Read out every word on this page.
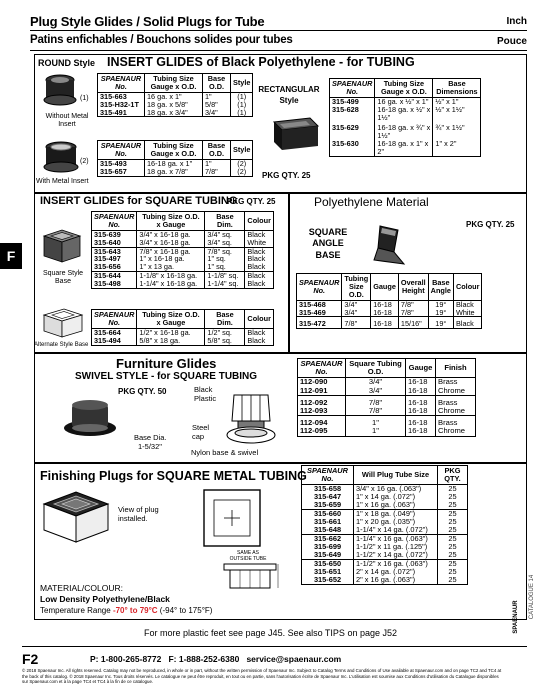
Plug Style Glides / Solid Plugs for Tube
Patins enfichables / Bouchons solides pour tubes
Inch
Pouce
F
ROUND Style INSERT GLIDES of Black Polyethylene - for TUBING
(1)
Without Metal Insert
(2)
With Metal Insert
SPAENAUR No.	Tubing Size Gauge x O.D.	Base O.D.	Style
315-663	16 ga. x 1"	1"	(1)
315-H32-1T	18 ga. x 5/8"	5/8"	(1)
315-491	18 ga. x 3/4"	3/4"	(1)
SPAENAUR No.	Tubing Size Gauge x O.D.	Base O.D.	Style
315-493	16-18 ga. x 1"	1"	(2)
315-657	18 ga. x 7/8"	7/8"	(2)
RECTANGULAR
Style
PKG QTY. 25
SPAENAUR No.	Tubing Size Gauge x O.D.	Base Dimensions
315-499	16 ga. x ½" x 1"	½" x 1"
315-628	16-18 ga. x ½" x 1½"	½" x 1½"
315-629	16-18 ga. x ¾" x 1½"	¾" x 1½"
315-630	16-18 ga. x 1" x 2"	1" x 2"
INSERT GLIDES for SQUARE TUBING
PKG QTY. 25
Square Style
Base
Alternate Style Base
SPAENAUR No.	Tubing Size O.D. x Gauge	Base Dim.	Colour
315-639	3/4" x 16-18 ga.	3/4" sq.	Black
315-640	3/4" x 16-18 ga.	3/4" sq.	White
315-643	7/8" x 16-18 ga.	7/8" sq.	Black
315-497	1" x 16-18 ga.	1" sq.	Black
315-656	1" x 13 ga.	1" sq.	Black
315-644	1-1/8" x 16-18 ga.	1-1/8" sq.	Black
315-498	1-1/4" x 16-18 ga.	1-1/4" sq.	Black
SPAENAUR No.	Tubing Size O.D. x Gauge	Base Dim.	Colour
315-664	1/2" x 16-18 ga.	1/2" sq.	Black
315-494	5/8" x 18 ga.	5/8" sq.	Black
Polyethylene Material
PKG QTY. 25
SQUARE
ANGLE
BASE
SPAENAUR No.	Tubing Size O.D.	Gauge	Overall Height	Base Angle	Colour
315-468	3/4"	16-18	7/8"	19°	Black
315-469	3/4"	16-18	7/8"	19°	White
315-472	7/8"	16-18	15/16"	19°	Black
Furniture Glides
SWIVEL STYLE - for SQUARE TUBING
PKG QTY. 50
Base Dia.
1-5/32"
Black
Plastic
Steel
cap
Nylon base & swivel
SPAENAUR No.	Square Tubing O.D.	Gauge	Finish
112-090	3/4"	16-18	Brass
112-091	3/4"	16-18	Chrome
112-092	7/8"	16-18	Brass
112-093	7/8"	16-18	Chrome
112-094	1"	16-18	Brass
112-095	1"	16-18	Chrome
Finishing Plugs for SQUARE METAL TUBING
View of plug
installed.
SAME AS
OUTSIDE TUBE
MATERIAL/COLOUR:
Low Density Polyethylene/Black
Temperature Range -70° to 79°C (-94° to 175°F)
SPAENAUR No.	Will Plug Tube Size	PKG QTY.
315-658	3/4" x 16 ga. (.063")	25
315-647	1" x 14 ga. (.072")	25
315-659	1" x 16 ga. (.063")	25
315-660	1" x 18 ga. (.049")	25
315-661	1" x 20 ga. (.035")	25
315-648	1-1/4" x 14 ga. (.072")	25
315-662	1-1/4" x 16 ga. (.063")	25
315-699	1-1/2" x 11 ga. (.125")	25
315-649	1-1/2" x 14 ga. (.072")	25
315-650	1-1/2" x 16 ga. (.063")	25
315-651	2" x 14 ga. (.072")	25
315-652	2" x 16 ga. (.063")	25	CATALOGUE 14
SPAENAUR
For more plastic feet see page J45. See also TIPS on page J52
F2	P: 1-800-265-8772 F: 1-888-252-6380 service@spaenaur.com
© 2018 Spaenaur Inc. All rights reserved. Catalog may not be reproduced, in whole or in part, without the written permission of Spaenaur Inc. Subject to Catalog Terms and Conditions of Use available at Spaenaur.com and on page TC2 and TC4 at the back of this catalog. © 2018 Spaenaur Inc. Tous droits réservés. Le catalogue ne peut être reproduit, en tout ou en partie, sans l'autorisation écrite de Spaenaur Inc. L'utilisation est soumise aux Conditions d'utilisation du Catalogue disponibles sur Spaenaur.com et à la page TC4 et TC4 à la fin de ce catalogue.
